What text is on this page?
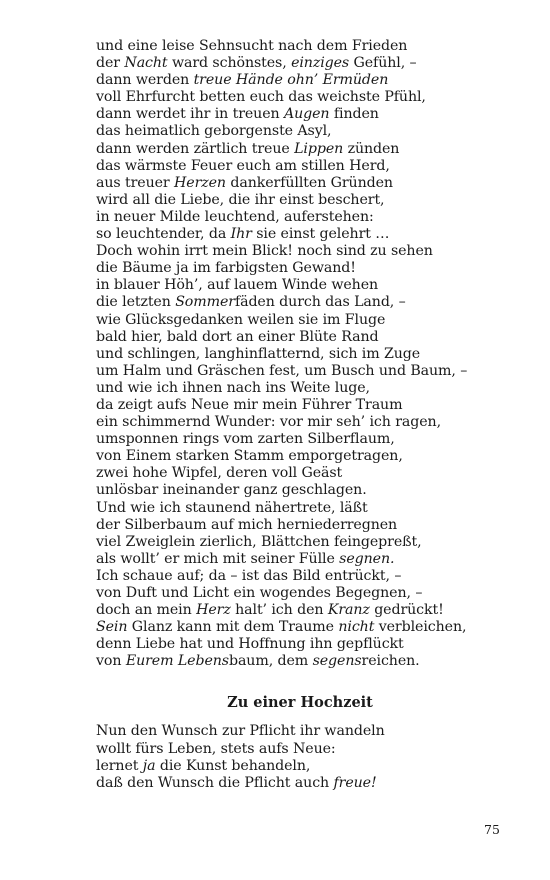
und eine leise Sehnsucht nach dem Frieden
der Nacht ward schönstes, einziges Gefühl, –
dann werden treue Hände ohn’ Ermüden
voll Ehrfurcht betten euch das weichste Pfühl,
dann werdet ihr in treuen Augen finden
das heimatlich geborgenste Asyl,
dann werden zärtlich treue Lippen zünden
das wärmste Feuer euch am stillen Herd,
aus treuer Herzen dankerfüllten Gründen
wird all die Liebe, die ihr einst beschert,
in neuer Milde leuchtend, auferstehen:
so leuchtender, da Ihr sie einst gelehrt …
Doch wohin irrt mein Blick! noch sind zu sehen
die Bäume ja im farbigsten Gewand!
in blauer Höh’, auf lauem Winde wehen
die letzten Sommerfäden durch das Land, –
wie Glücksgedanken weilen sie im Fluge
bald hier, bald dort an einer Blüte Rand
und schlingen, langhinflatternd, sich im Zuge
um Halm und Gräschen fest, um Busch und Baum, –
und wie ich ihnen nach ins Weite luge,
da zeigt aufs Neue mir mein Führer Traum
ein schimmernd Wunder: vor mir seh’ ich ragen,
umsponnen rings vom zarten Silberflaum,
von Einem starken Stamm emporgetragen,
zwei hohe Wipfel, deren voll Geäst
unlösbar ineinander ganz geschlagen.
Und wie ich staunend nähertrete, läßt
der Silberbaum auf mich herniederregnen
viel Zweiglein zierlich, Blättchen feingepreßt,
als wollt’ er mich mit seiner Fülle segnen.
Ich schaue auf; da – ist das Bild entrückt, –
von Duft und Licht ein wogendes Begegnen, –
doch an mein Herz halt’ ich den Kranz gedrückt!
Sein Glanz kann mit dem Traume nicht verbleichen,
denn Liebe hat und Hoffnung ihn gepflückt
von Eurem Lebensbaum, dem segensreichen.
Zu einer Hochzeit
Nun den Wunsch zur Pflicht ihr wandeln
wollt fürs Leben, stets aufs Neue:
lernet ja die Kunst behandeln,
daß den Wunsch die Pflicht auch freue!
75
